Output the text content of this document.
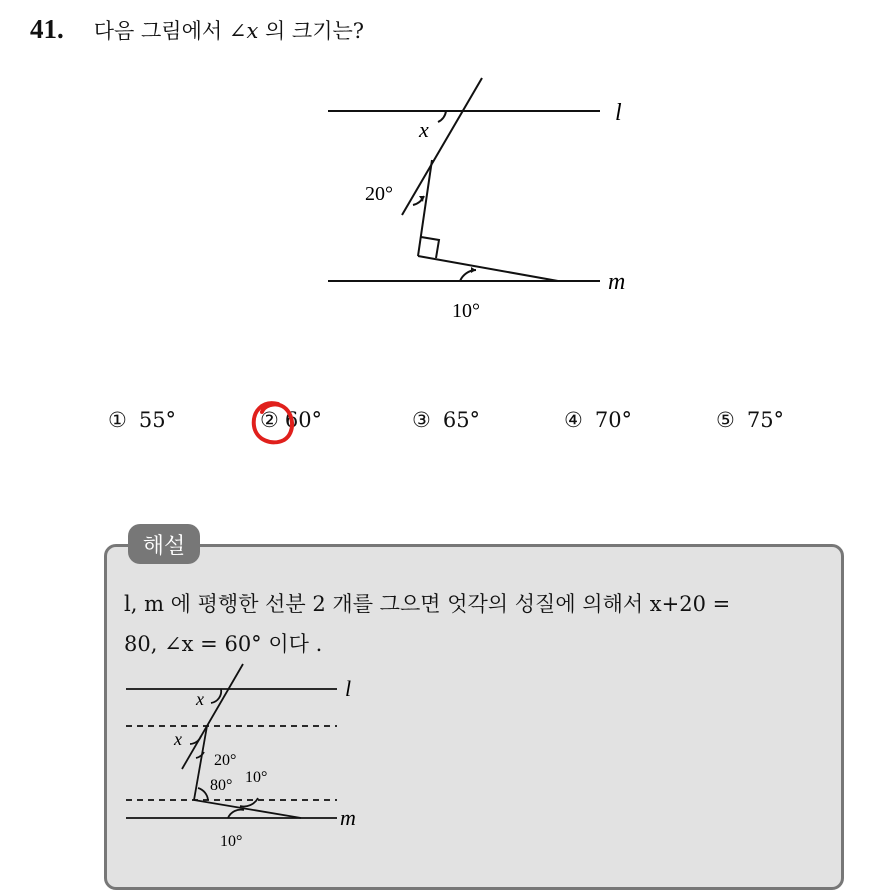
41. 다음 그림에서 ∠x 의 크기는?
l
m
x
20°
10°
① 55°	② 60°	③ 65°	④ 70°	⑤ 75°
해설
l, m 에 평행한 선분 2 개를 그으면 엇각의 성질에 의해서 x+20 =
80, ∠x = 60° 이다 .
l
m
x
x
20°
80° 10°
10°
